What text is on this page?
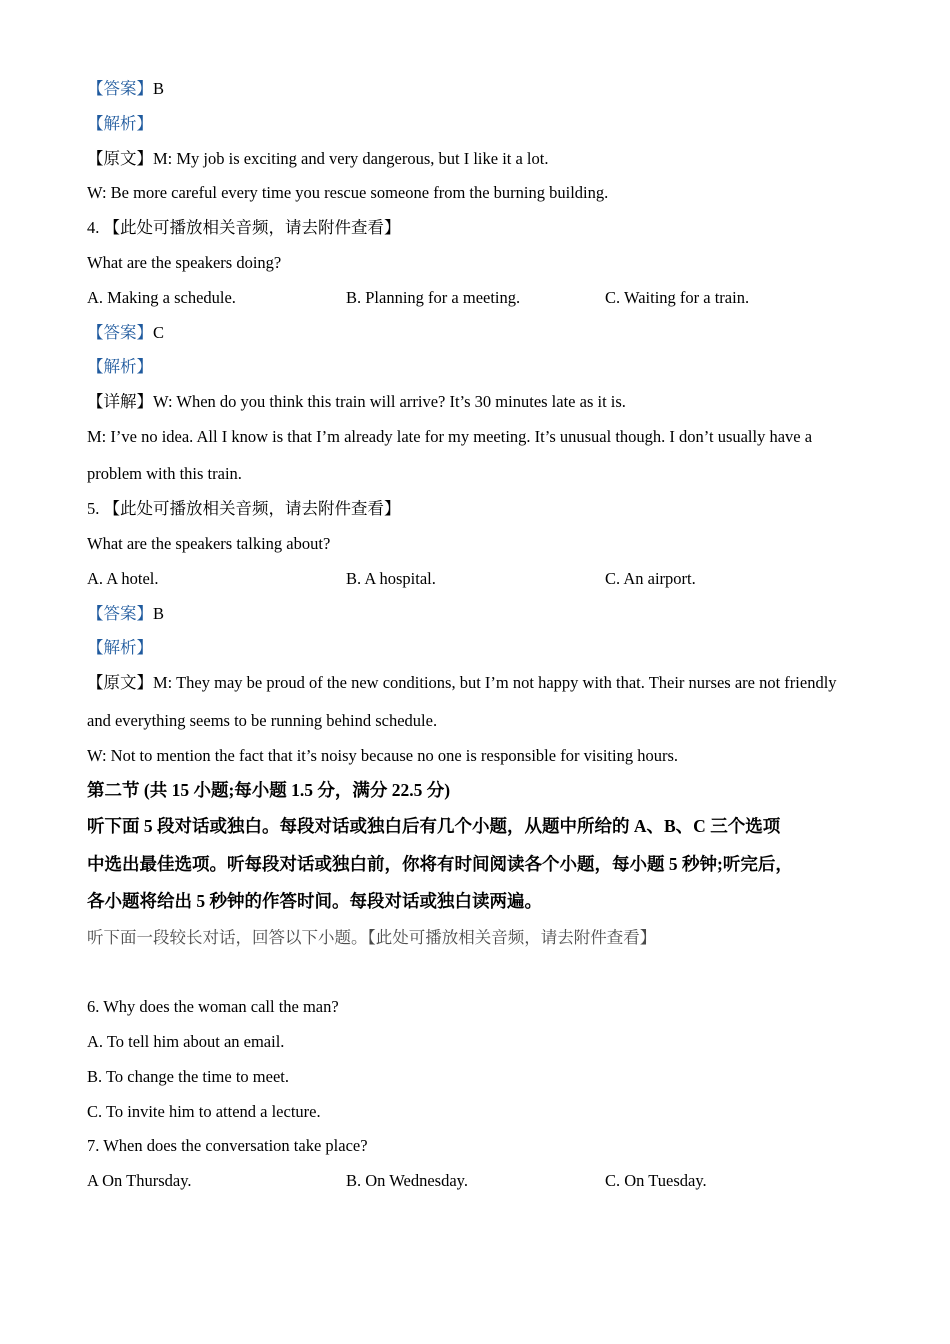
【答案】B
【解析】
【原文】M: My job is exciting and very dangerous, but I like it a lot.
W: Be more careful every time you rescue someone from the burning building.
4. 【此处可播放相关音频，请去附件查看】
What are the speakers doing?
A. Making a schedule.	B. Planning for a meeting.	C. Waiting for a train.
【答案】C
【解析】
【详解】W: When do you think this train will arrive? It’s 30 minutes late as it is.
M: I’ve no idea. All I know is that I’m already late for my meeting. It’s unusual though. I don’t usually have a
problem with this train.
5. 【此处可播放相关音频，请去附件查看】
What are the speakers talking about?
A. A hotel.	B. A hospital.	C. An airport.
【答案】B
【解析】
【原文】M: They may be proud of the new conditions, but I’m not happy with that. Their nurses are not friendly
and everything seems to be running behind schedule.
W: Not to mention the fact that it’s noisy because no one is responsible for visiting hours.
第二节 (共 15 小题;每小题 1.5 分，满分 22.5 分)
听下面 5 段对话或独白。每段对话或独白后有几个小题，从题中所给的 A、B、C 三个选项
中选出最佳选项。听每段对话或独白前，你将有时间阅读各个小题，每小题 5 秒钟;听完后，
各小题将给出 5 秒钟的作答时间。每段对话或独白读两遍。
听下面一段较长对话，回答以下小题。【此处可播放相关音频，请去附件查看】
6. Why does the woman call the man?
A. To tell him about an email.
B. To change the time to meet.
C. To invite him to attend a lecture.
7. When does the conversation take place?
A On Thursday.	B. On Wednesday.	C. On Tuesday.
